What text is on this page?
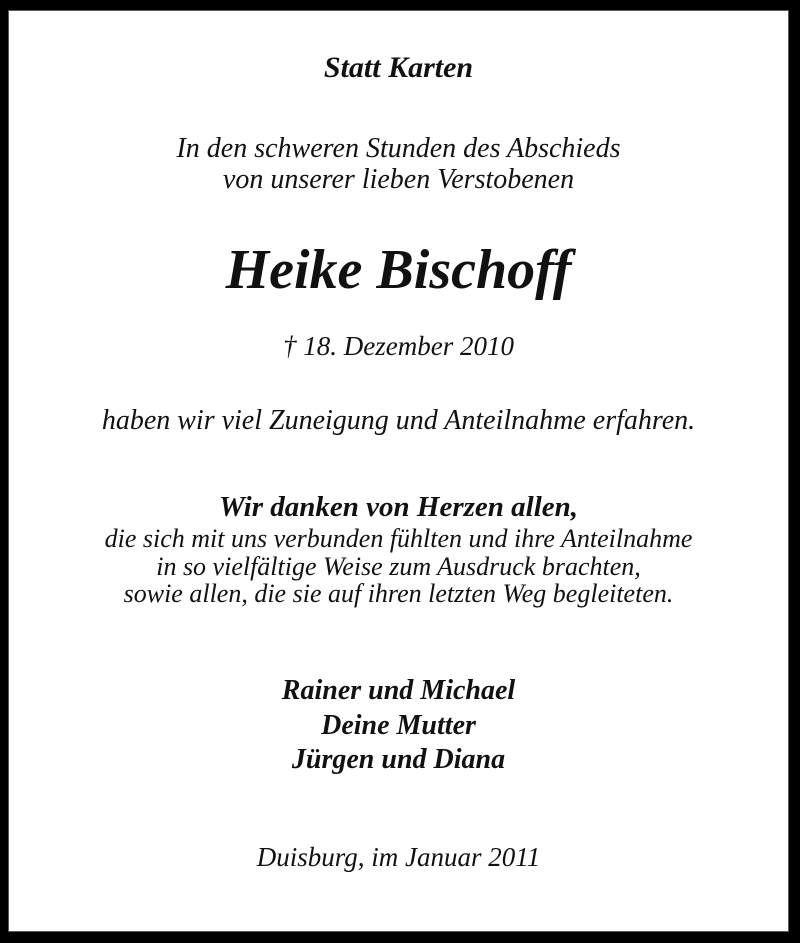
Statt Karten
In den schweren Stunden des Abschieds
von unserer lieben Verstobenen
Heike Bischoff
† 18. Dezember 2010
haben wir viel Zuneigung und Anteilnahme erfahren.
Wir danken von Herzen allen,
die sich mit uns verbunden fühlten und ihre Anteilnahme
in so vielfältige Weise zum Ausdruck brachten,
sowie allen, die sie auf ihren letzten Weg begleiteten.
Rainer und Michael
Deine Mutter
Jürgen und Diana
Duisburg, im Januar 2011
